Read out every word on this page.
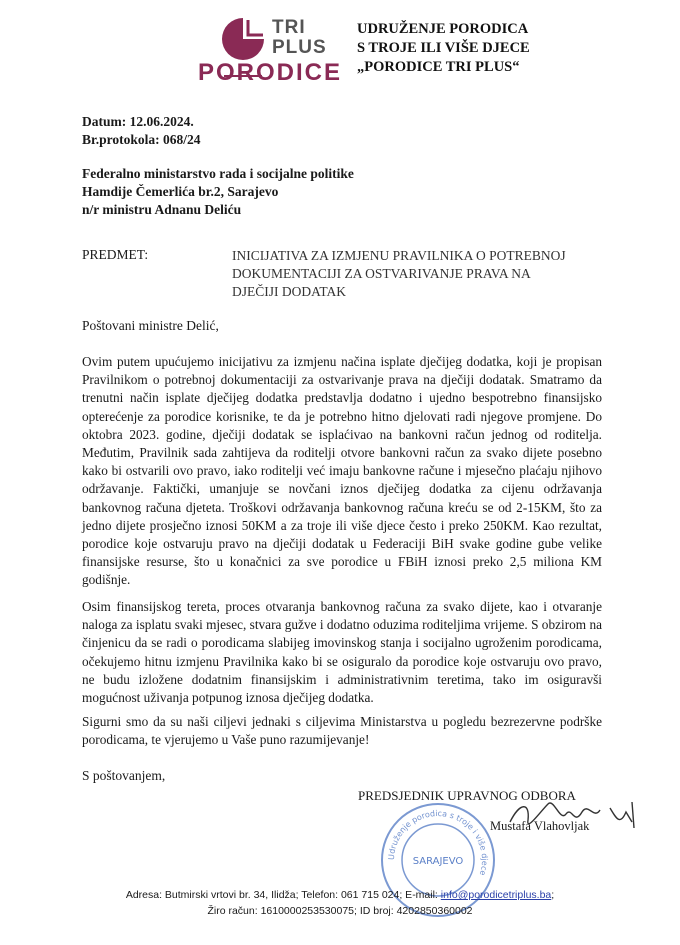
TRI
PLUS
PORODICE
UDRUŽENJE PORODICA
S TROJE ILI VIŠE DJECE
„PORODICE TRI PLUS“
Datum: 12.06.2024.
Br.protokola: 068/24
Federalno ministarstvo rada i socijalne politike
Hamdije Čemerlića br.2, Sarajevo
n/r ministru Adnanu Deliću
PREDMET:	INICIJATIVA ZA IZMJENU PRAVILNIKA O POTREBNOJ
DOKUMENTACIJI ZA OSTVARIVANJE PRAVA NA
DJEČIJI DODATAK
Poštovani ministre Delić,

Ovim putem upućujemo inicijativu za izmjenu načina isplate dječijeg dodatka, koji je propisan Pravilnikom o potrebnoj dokumentaciji za ostvarivanje prava na dječiji dodatak. Smatramo da trenutni način isplate dječijeg dodatka predstavlja dodatno i ujedno bespotrebno finansijsko opterećenje za porodice korisnike, te da je potrebno hitno djelovati radi njegove promjene. Do oktobra 2023. godine, dječiji dodatak se isplaćivao na bankovni račun jednog od roditelja. Međutim, Pravilnik sada zahtijeva da roditelji otvore bankovni račun za svako dijete posebno kako bi ostvarili ovo pravo, iako roditelji već imaju bankovne račune i mjesečno plaćaju njihovo održavanje. Faktički, umanjuje se novčani iznos dječijeg dodatka za cijenu održavanja bankovnog računa djeteta. Troškovi održavanja bankovnog računa kreću se od 2-15KM, što za jedno dijete prosječno iznosi 50KM a za troje ili više djece često i preko 250KM. Kao rezultat, porodice koje ostvaruju pravo na dječiji dodatak u Federaciji BiH svake godine gube velike finansijske resurse, što u konačnici za sve porodice u FBiH iznosi preko 2,5 miliona KM godišnje.

Osim finansijskog tereta, proces otvaranja bankovnog računa za svako dijete, kao i otvaranje naloga za isplatu svaki mjesec, stvara gužve i dodatno oduzima roditeljima vrijeme. S obzirom na činjenicu da se radi o porodicama slabijeg imovinskog stanja i socijalno ugroženim porodicama, očekujemo hitnu izmjenu Pravilnika kako bi se osiguralo da porodice koje ostvaruju ovo pravo, ne budu izložene dodatnim finansijskim i administrativnim teretima, tako im osiguravši mogućnost uživanja potpunog iznosa dječijeg dodatka.

Sigurni smo da su naši ciljevi jednaki s ciljevima Ministarstva u pogledu bezrezervne podrške porodicama, te vjerujemo u Vaše puno razumijevanje!

S poštovanjem,
Udruženje porodica s troje i više djece
SARAJEVO
PREDSJEDNIK UPRAVNOG ODBORA
Mustafa Vlahovljak
Adresa: Butmirski vrtovi br. 34, Ilidža; Telefon: 061 715 024; E-mail: info@porodicetriplus.ba;
Žiro račun: 1610000253530075; ID broj: 4202850360002
